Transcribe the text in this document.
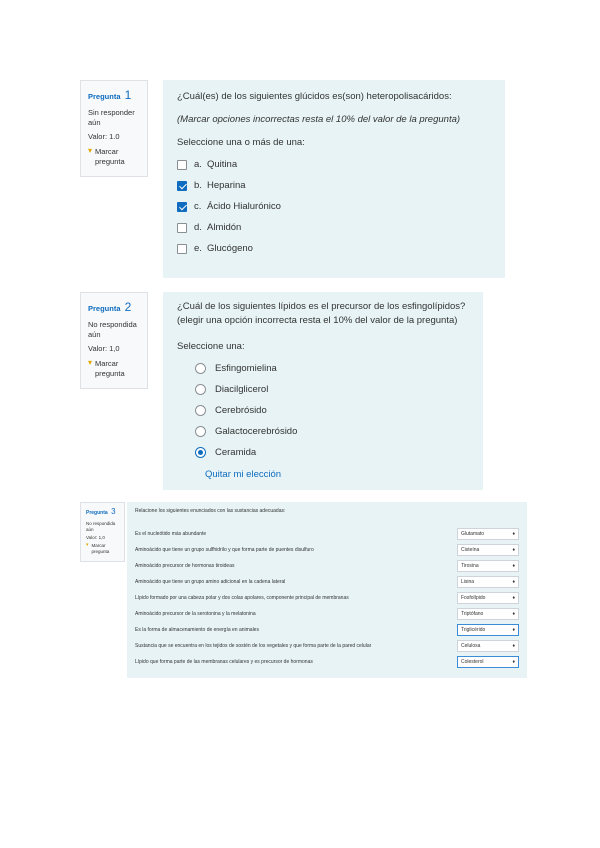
Pregunta 1
Sin responder aún
Valor: 1.0
▾ Marcar pregunta
¿Cuál(es) de los siguientes glúcidos es(son) heteropolisacáridos:
(Marcar opciones incorrectas resta el 10% del valor de la pregunta)
Seleccione una o más de una:
a. Quitina
b. Heparina
c. Ácido Hialurónico
d. Almidón
e. Glucógeno
Pregunta 2
No respondida aún
Valor: 1,0
▾ Marcar pregunta
¿Cuál de los siguientes lípidos es el precursor de los esfingolípidos? (elegir una opción incorrecta resta el 10% del valor de la pregunta)
Seleccione una:
Esfingomielina
Diacilglicerol
Cerebrósido
Galactocerebrósido
Ceramida
Quitar mi elección
Pregunta 3
No respondida aún
Valor: 1,0
▾ Marcar pregunta
Relacione los siguientes enunciados con las sustancias adecuadas:
Es el nucleótido más abundante	Glutamato	♦
Aminoácido que tiene un grupo sulfhidrilo y que forma parte de puentes disulfuro	Cisteína	♦
Aminoácido precursor de hormonas tiroideas	Tirosina	♦
Aminoácido que tiene un grupo amino adicional en la cadena lateral	Lisina	♦
Lípido formado por una cabeza polar y dos colas apolares, componente principal de membranas	Fosfolípido	♦
Aminoácido precursor de la serotonina y la melatonina	Triptófano	♦
Es la forma de almacenamiento de energía en animales	Triglicérido	♦
Sustancia que se encuentra en los tejidos de sostén de los vegetales y que forma parte de la pared celular	Celulosa	♦
Lípido que forma parte de las membranas celulares y es precursor de hormonas	Colesterol	♦
